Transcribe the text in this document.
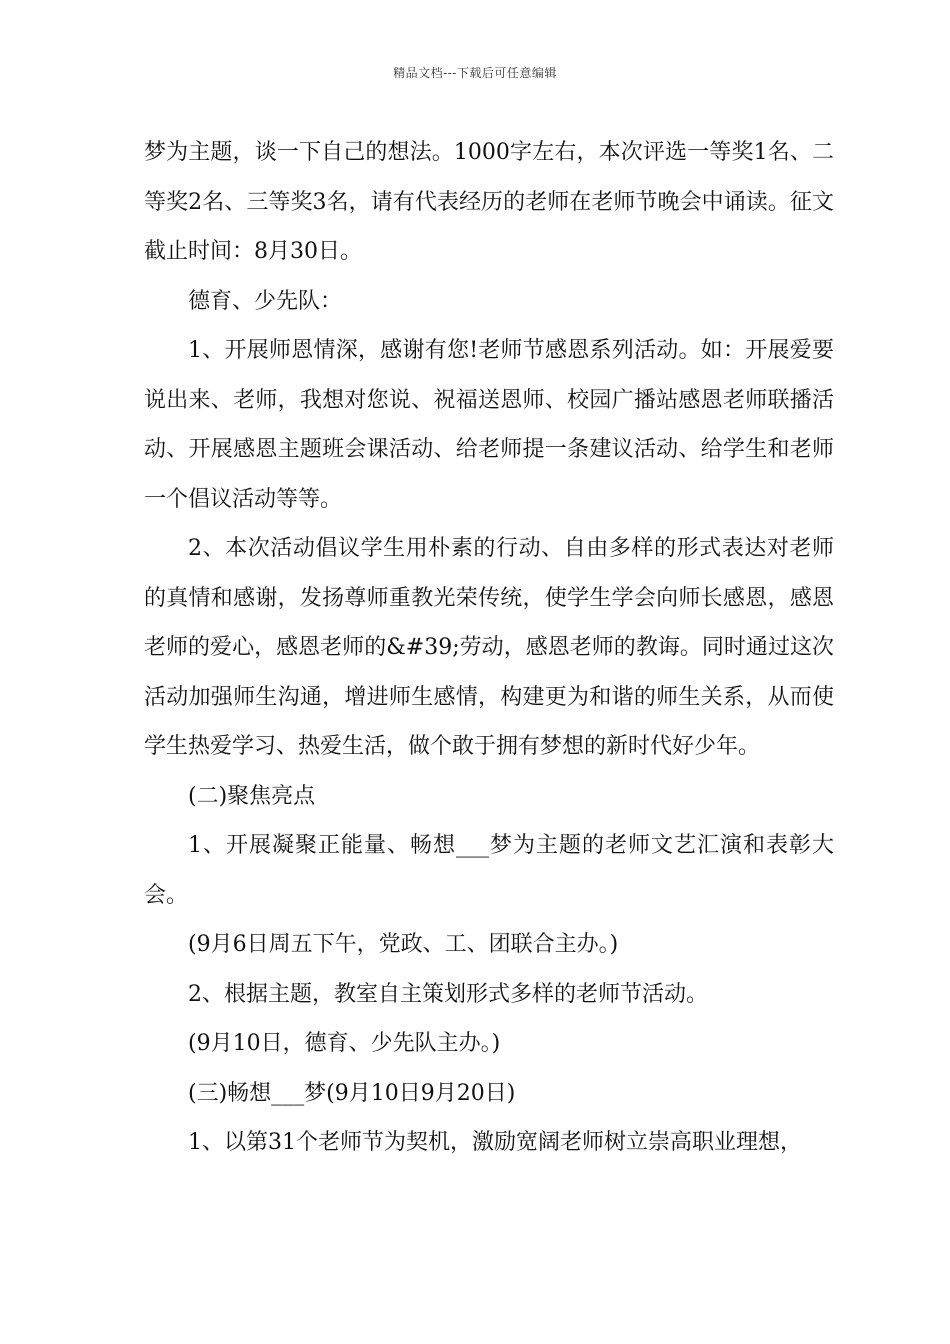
精品文档---下载后可任意编辑

梦为主题，谈一下自己的想法。1000字左右，本次评选一等奖1名、二等奖2名、三等奖3名，请有代表经历的老师在老师节晚会中诵读。征文截止时间：8月30日。

德育、少先队：

1、开展师恩情深，感谢有您!老师节感恩系列活动。如：开展爱要说出来、老师，我想对您说、祝福送恩师、校园广播站感恩老师联播活动、开展感恩主题班会课活动、给老师提一条建议活动、给学生和老师一个倡议活动等等。

2、本次活动倡议学生用朴素的行动、自由多样的形式表达对老师的真情和感谢，发扬尊师重教光荣传统，使学生学会向师长感恩，感恩老师的爱心，感恩老师的&#39;劳动，感恩老师的教诲。同时通过这次活动加强师生沟通，增进师生感情，构建更为和谐的师生关系，从而使学生热爱学习、热爱生活，做个敢于拥有梦想的新时代好少年。

(二)聚焦亮点

1、开展凝聚正能量、畅想___梦为主题的老师文艺汇演和表彰大会。

(9月6日周五下午，党政、工、团联合主办。)

2、根据主题，教室自主策划形式多样的老师节活动。

(9月10日，德育、少先队主办。)

(三)畅想___梦(9月10日9月20日)

1、以第31个老师节为契机，激励宽阔老师树立崇高职业理想，
